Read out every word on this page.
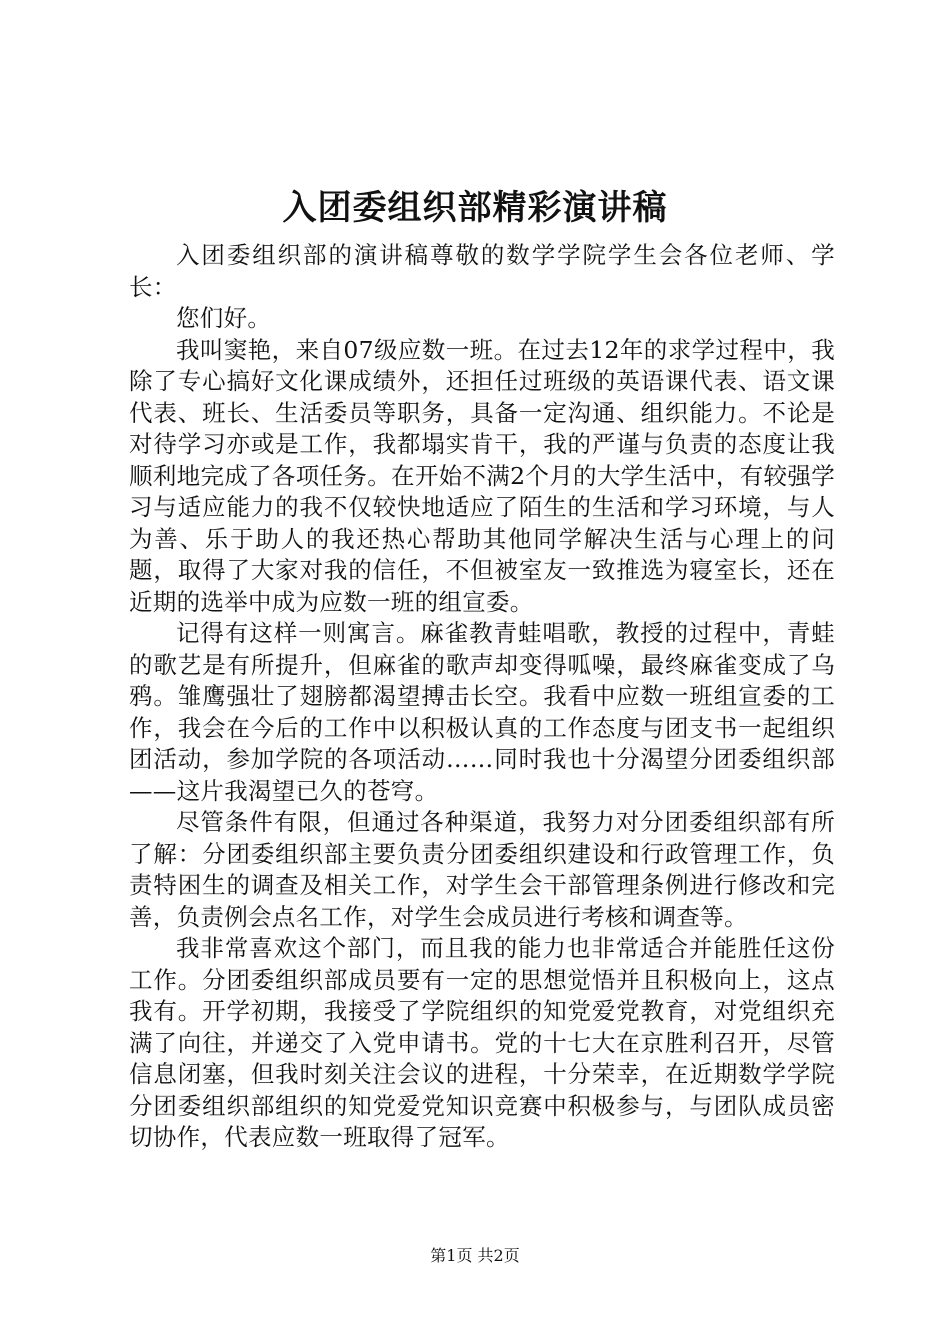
入团委组织部精彩演讲稿

入团委组织部的演讲稿尊敬的数学学院学生会各位老师、学长：

您们好。

我叫窦艳，来自07级应数一班。在过去12年的求学过程中，我除了专心搞好文化课成绩外，还担任过班级的英语课代表、语文课代表、班长、生活委员等职务，具备一定沟通、组织能力。不论是对待学习亦或是工作，我都塌实肯干，我的严谨与负责的态度让我顺利地完成了各项任务。在开始不满2个月的大学生活中，有较强学习与适应能力的我不仅较快地适应了陌生的生活和学习环境，与人为善、乐于助人的我还热心帮助其他同学解决生活与心理上的问题，取得了大家对我的信任，不但被室友一致推选为寝室长，还在近期的选举中成为应数一班的组宣委。

记得有这样一则寓言。麻雀教青蛙唱歌，教授的过程中，青蛙的歌艺是有所提升，但麻雀的歌声却变得呱噪，最终麻雀变成了乌鸦。雏鹰强壮了翅膀都渴望搏击长空。我看中应数一班组宣委的工作，我会在今后的工作中以积极认真的工作态度与团支书一起组织团活动，参加学院的各项活动……同时我也十分渴望分团委组织部——这片我渴望已久的苍穹。

尽管条件有限，但通过各种渠道，我努力对分团委组织部有所了解：分团委组织部主要负责分团委组织建设和行政管理工作，负责特困生的调查及相关工作，对学生会干部管理条例进行修改和完善，负责例会点名工作，对学生会成员进行考核和调查等。

我非常喜欢这个部门，而且我的能力也非常适合并能胜任这份工作。分团委组织部成员要有一定的思想觉悟并且积极向上，这点我有。开学初期，我接受了学院组织的知党爱党教育，对党组织充满了向往，并递交了入党申请书。党的十七大在京胜利召开，尽管信息闭塞，但我时刻关注会议的进程，十分荣幸，在近期数学学院分团委组织部组织的知党爱党知识竞赛中积极参与，与团队成员密切协作，代表应数一班取得了冠军。

第1页 共2页
